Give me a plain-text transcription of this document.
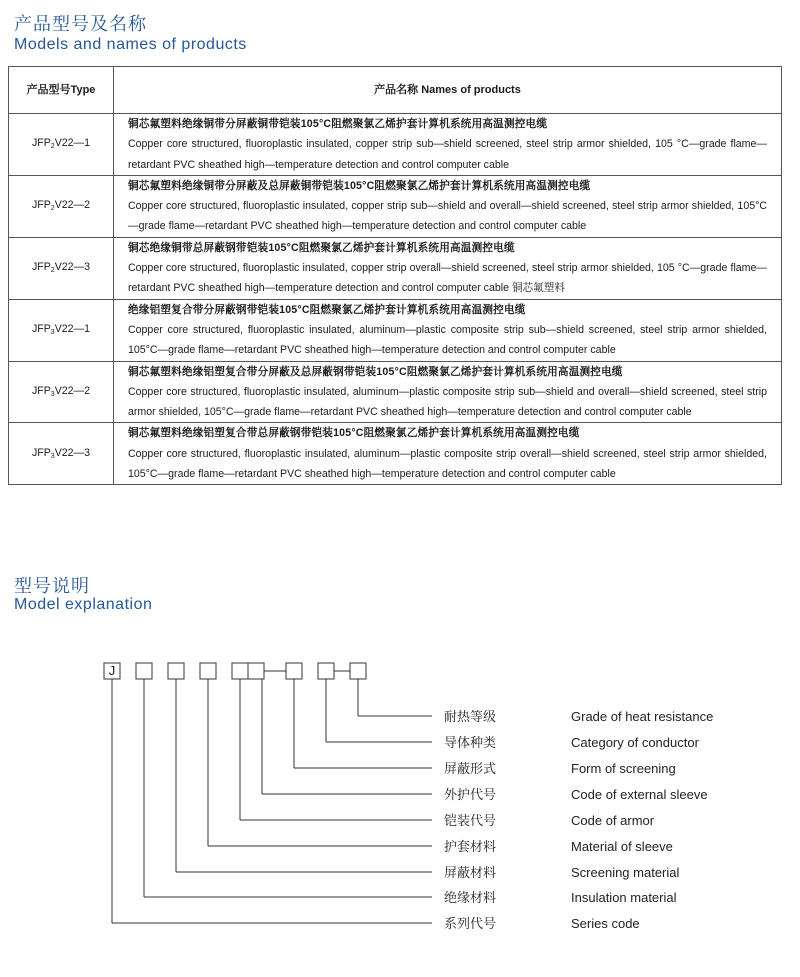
产品型号及名称
Models and names of products
产品型号Type	产品名称 Names of products
$JFP_2V22—1$	铜芯氟塑料绝缘铜带分屏蔽铜带铠装105°C阻燃聚氯乙烯护套计算机系统用高温测控电缆
Copper core structured, fluoroplastic insulated, copper strip sub—shield screened, steel strip armor shielded, 105 °C—grade flame—retardant PVC sheathed high—temperature detection and control computer cable

$JFP_2V22—2$	铜芯氟塑料绝缘铜带分屏蔽及总屏蔽铜带铠装105°C阻燃聚氯乙烯护套计算机系统用高温测控电缆
Copper core structured, fluoroplastic insulated, copper strip sub—shield and overall—shield screened, steel strip armor shielded, 105°C—grade flame—retardant PVC sheathed high—temperature detection and control computer cable

$JFP_2V22—3$	铜芯绝缘铜带总屏蔽钢带铠装105°C阻燃聚氯乙烯护套计算机系统用高温测控电缆
Copper core structured, fluoroplastic insulated, copper strip overall—shield screened, steel strip armor shielded, 105 °C—grade flame—retardant PVC sheathed high—temperature detection and control computer cable 铜芯氟塑料

$JFP_3V22—1$	绝缘铝塑复合带分屏蔽钢带铠装105°C阻燃聚氯乙烯护套计算机系统用高温测控电缆
Copper core structured, fluoroplastic insulated, aluminum—plastic composite strip sub—shield screened, steel strip armor shielded, 105°C—grade flame—retardant PVC sheathed high—temperature detection and control computer cable

$JFP_3V22—2$	铜芯氟塑料绝缘铝塑复合带分屏蔽及总屏蔽钢带铠装105°C阻燃聚氯乙烯护套计算机系统用高温测控电缆
Copper core structured, fluoroplastic insulated, aluminum—plastic composite strip sub—shield and overall—shield screened, steel strip armor shielded, 105°C—grade flame—retardant PVC sheathed high—temperature detection and control computer cable

$JFP_3V22—3$	铜芯氟塑料绝缘铝塑复合带总屏蔽钢带铠装105°C阻燃聚氯乙烯护套计算机系统用高温测控电缆
Copper core structured, fluoroplastic insulated, aluminum—plastic composite strip overall—shield screened, steel strip armor shielded, 105°C—grade flame—retardant PVC sheathed high—temperature detection and control computer cable
型号说明
Model explanation
J
耐热等级	Grade of heat resistance
导体种类	Category of conductor
屏蔽形式	Form of screening
外护代号	Code of external sleeve
铠装代号	Code of armor
护套材料	Material of sleeve
屏蔽材料	Screening material
绝缘材料	Insulation material
系列代号	Series code
